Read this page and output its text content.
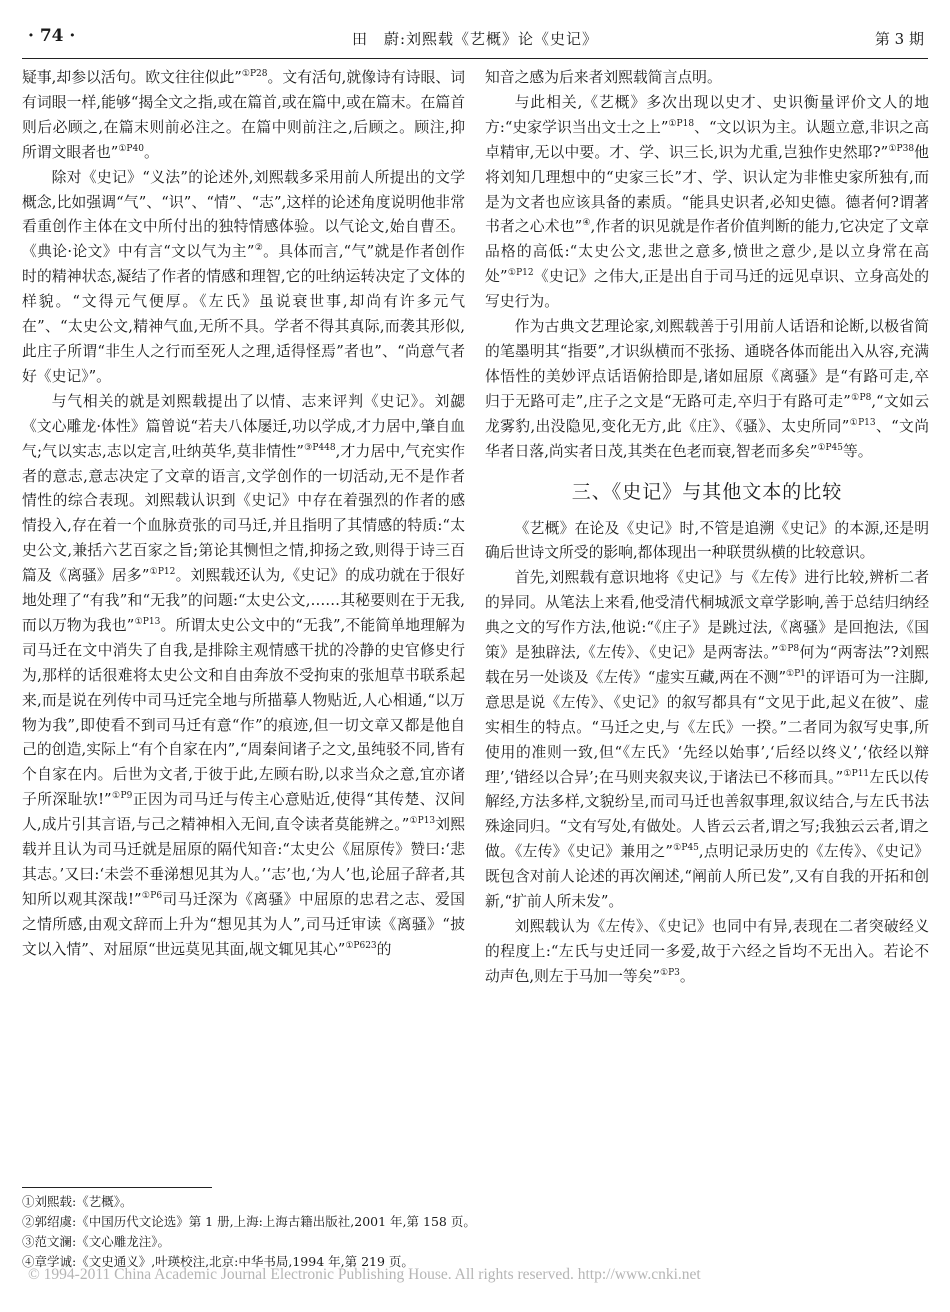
· 74 ·	田　蔚:刘熙载《艺概》论《史记》	第 3 期

疑事,却参以活句。欧文往往似此”$^{①P28}$。文有活句,就像诗有诗眼、词有词眼一样,能够“揭全文之指,或在篇首,或在篇中,或在篇末。在篇首则后必顾之,在篇末则前必注之。在篇中则前注之,后顾之。顾注,抑所谓文眼者也”$^{①P40}$。

除对《史记》“义法”的论述外,刘熙载多采用前人所提出的文学概念,比如强调“气”、“识”、“情”、“志”,这样的论述角度说明他非常看重创作主体在文中所付出的独特情感体验。以气论文,始自曹丕。《典论·论文》中有言“文以气为主”②。具体而言,“气”就是作者创作时的精神状态,凝结了作者的情感和理智,它的吐纳运转决定了文体的样貌。“文得元气便厚。《左氏》虽说衰世事,却尚有许多元气在”、“太史公文,精神气血,无所不具。学者不得其真际,而袭其形似,此庄子所谓“非生人之行而至死人之理,适得怪焉”者也”、“尚意气者好《史记》”。

与气相关的就是刘熙载提出了以情、志来评判《史记》。刘勰《文心雕龙·体性》篇曾说“若夫八体屡迁,功以学成,才力居中,肇自血气;气以实志,志以定言,吐纳英华,莫非情性”$^{③P448}$,才力居中,气充实作者的意志,意志决定了文章的语言,文学创作的一切活动,无不是作者情性的综合表现。刘熙载认识到《史记》中存在着强烈的作者的感情投入,存在着一个血脉贲张的司马迁,并且指明了其情感的特质:“太史公文,兼括六艺百家之旨;第论其恻怛之情,抑扬之致,则得于诗三百篇及《离骚》居多”$^{①P12}$。刘熙载还认为,《史记》的成功就在于很好地处理了“有我”和“无我”的问题:“太史公文,……其秘要则在于无我,而以万物为我也”$^{①P13}$。所谓太史公文中的“无我”,不能简单地理解为司马迁在文中消失了自我,是排除主观情感干扰的冷静的史官修史行为,那样的话很难将太史公文和自由奔放不受拘束的张旭草书联系起来,而是说在列传中司马迁完全地与所描摹人物贴近,人心相通,“以万物为我”,即使看不到司马迁有意“作”的痕迹,但一切文章又都是他自己的创造,实际上“有个自家在内”,“周秦间诸子之文,虽纯驳不同,皆有个自家在内。后世为文者,于彼于此,左顾右盼,以求当众之意,宜亦诸子所深耻欤!”$^{①P9}$正因为司马迁与传主心意贴近,使得“其传楚、汉间人,成片引其言语,与己之精神相入无间,直令读者莫能辨之。”$^{①P13}$刘熙载并且认为司马迁就是屈原的隔代知音:“太史公《屈原传》赞曰:‘悲其志。’又曰:‘未尝不垂涕想见其为人。’‘志’也,‘为人’也,论屈子辞者,其知所以观其深哉!”$^{①P6}$司马迁深为《离骚》中屈原的忠君之志、爱国之情所感,由观文辞而上升为“想见其为人”,司马迁审读《离骚》“披文以入情”、对屈原“世远莫见其面,觇文辄见其心”$^{①P623}$的

知音之感为后来者刘熙载简言点明。

与此相关,《艺概》多次出现以史才、史识衡量评价文人的地方:“史家学识当出文士之上”$^{①P18}$、“文以识为主。认题立意,非识之高卓精审,无以中要。才、学、识三长,识为尤重,岂独作史然耶?”$^{①P38}$他将刘知几理想中的“史家三长”才、学、识认定为非惟史家所独有,而是为文者也应该具备的素质。“能具史识者,必知史德。德者何?谓著书者之心术也”④,作者的识见就是作者价值判断的能力,它决定了文章品格的高低:“太史公文,悲世之意多,愤世之意少,是以立身常在高处”$^{①P12}$《史记》之伟大,正是出自于司马迁的远见卓识、立身高处的写史行为。

作为古典文艺理论家,刘熙载善于引用前人话语和论断,以极省简的笔墨明其“指要”,才识纵横而不张扬、通晓各体而能出入从容,充满体悟性的美妙评点话语俯拾即是,诸如屈原《离骚》是“有路可走,卒归于无路可走”,庄子之文是“无路可走,卒归于有路可走”$^{①P8}$,“文如云龙雾豹,出没隐见,变化无方,此《庄》、《骚》、太史所同”$^{①P13}$、“文尚华者日落,尚实者日茂,其类在色老而衰,智老而多矣”$^{①P45}$等。

三、《史记》与其他文本的比较

《艺概》在论及《史记》时,不管是追溯《史记》的本源,还是明确后世诗文所受的影响,都体现出一种联贯纵横的比较意识。

首先,刘熙载有意识地将《史记》与《左传》进行比较,辨析二者的异同。从笔法上来看,他受清代桐城派文章学影响,善于总结归纳经典之文的写作方法,他说:“《庄子》是跳过法,《离骚》是回抱法,《国策》是独辟法,《左传》、《史记》是两寄法。”$^{①P8}$何为“两寄法”?刘熙载在另一处谈及《左传》“虚实互藏,两在不测”$^{①P1}$的评语可为一注脚,意思是说《左传》、《史记》的叙写都具有“文见于此,起义在彼”、虚实相生的特点。“马迁之史,与《左氏》一揆。”二者同为叙写史事,所使用的准则一致,但“《左氏》‘先经以始事’,‘后经以终义’,‘依经以辩理’,‘错经以合异’;在马则夹叙夹议,于诸法已不移而具。”$^{①P11}$左氏以传解经,方法多样,文貌纷呈,而司马迁也善叙事理,叙议结合,与左氏书法殊途同归。“文有写处,有做处。人皆云云者,谓之写;我独云云者,谓之做。《左传》《史记》兼用之”$^{①P45}$,点明记录历史的《左传》、《史记》既包含对前人论述的再次阐述,“阐前人所已发”,又有自我的开拓和创新,“扩前人所未发”。

刘熙载认为《左传》、《史记》也同中有异,表现在二者突破经义的程度上:“左氏与史迁同一多爱,故于六经之旨均不无出入。若论不动声色,则左于马加一等矣”$^{①P3}$。

①刘熙载:《艺概》。
②郭绍虞:《中国历代文论选》第 1 册,上海:上海古籍出版社,2001 年,第 158 页。
③范文澜:《文心雕龙注》。
④章学诚:《文史通义》,叶瑛校注,北京:中华书局,1994 年,第 219 页。
© 1994-2011 China Academic Journal Electronic Publishing House. All rights reserved. http://www.cnki.net
